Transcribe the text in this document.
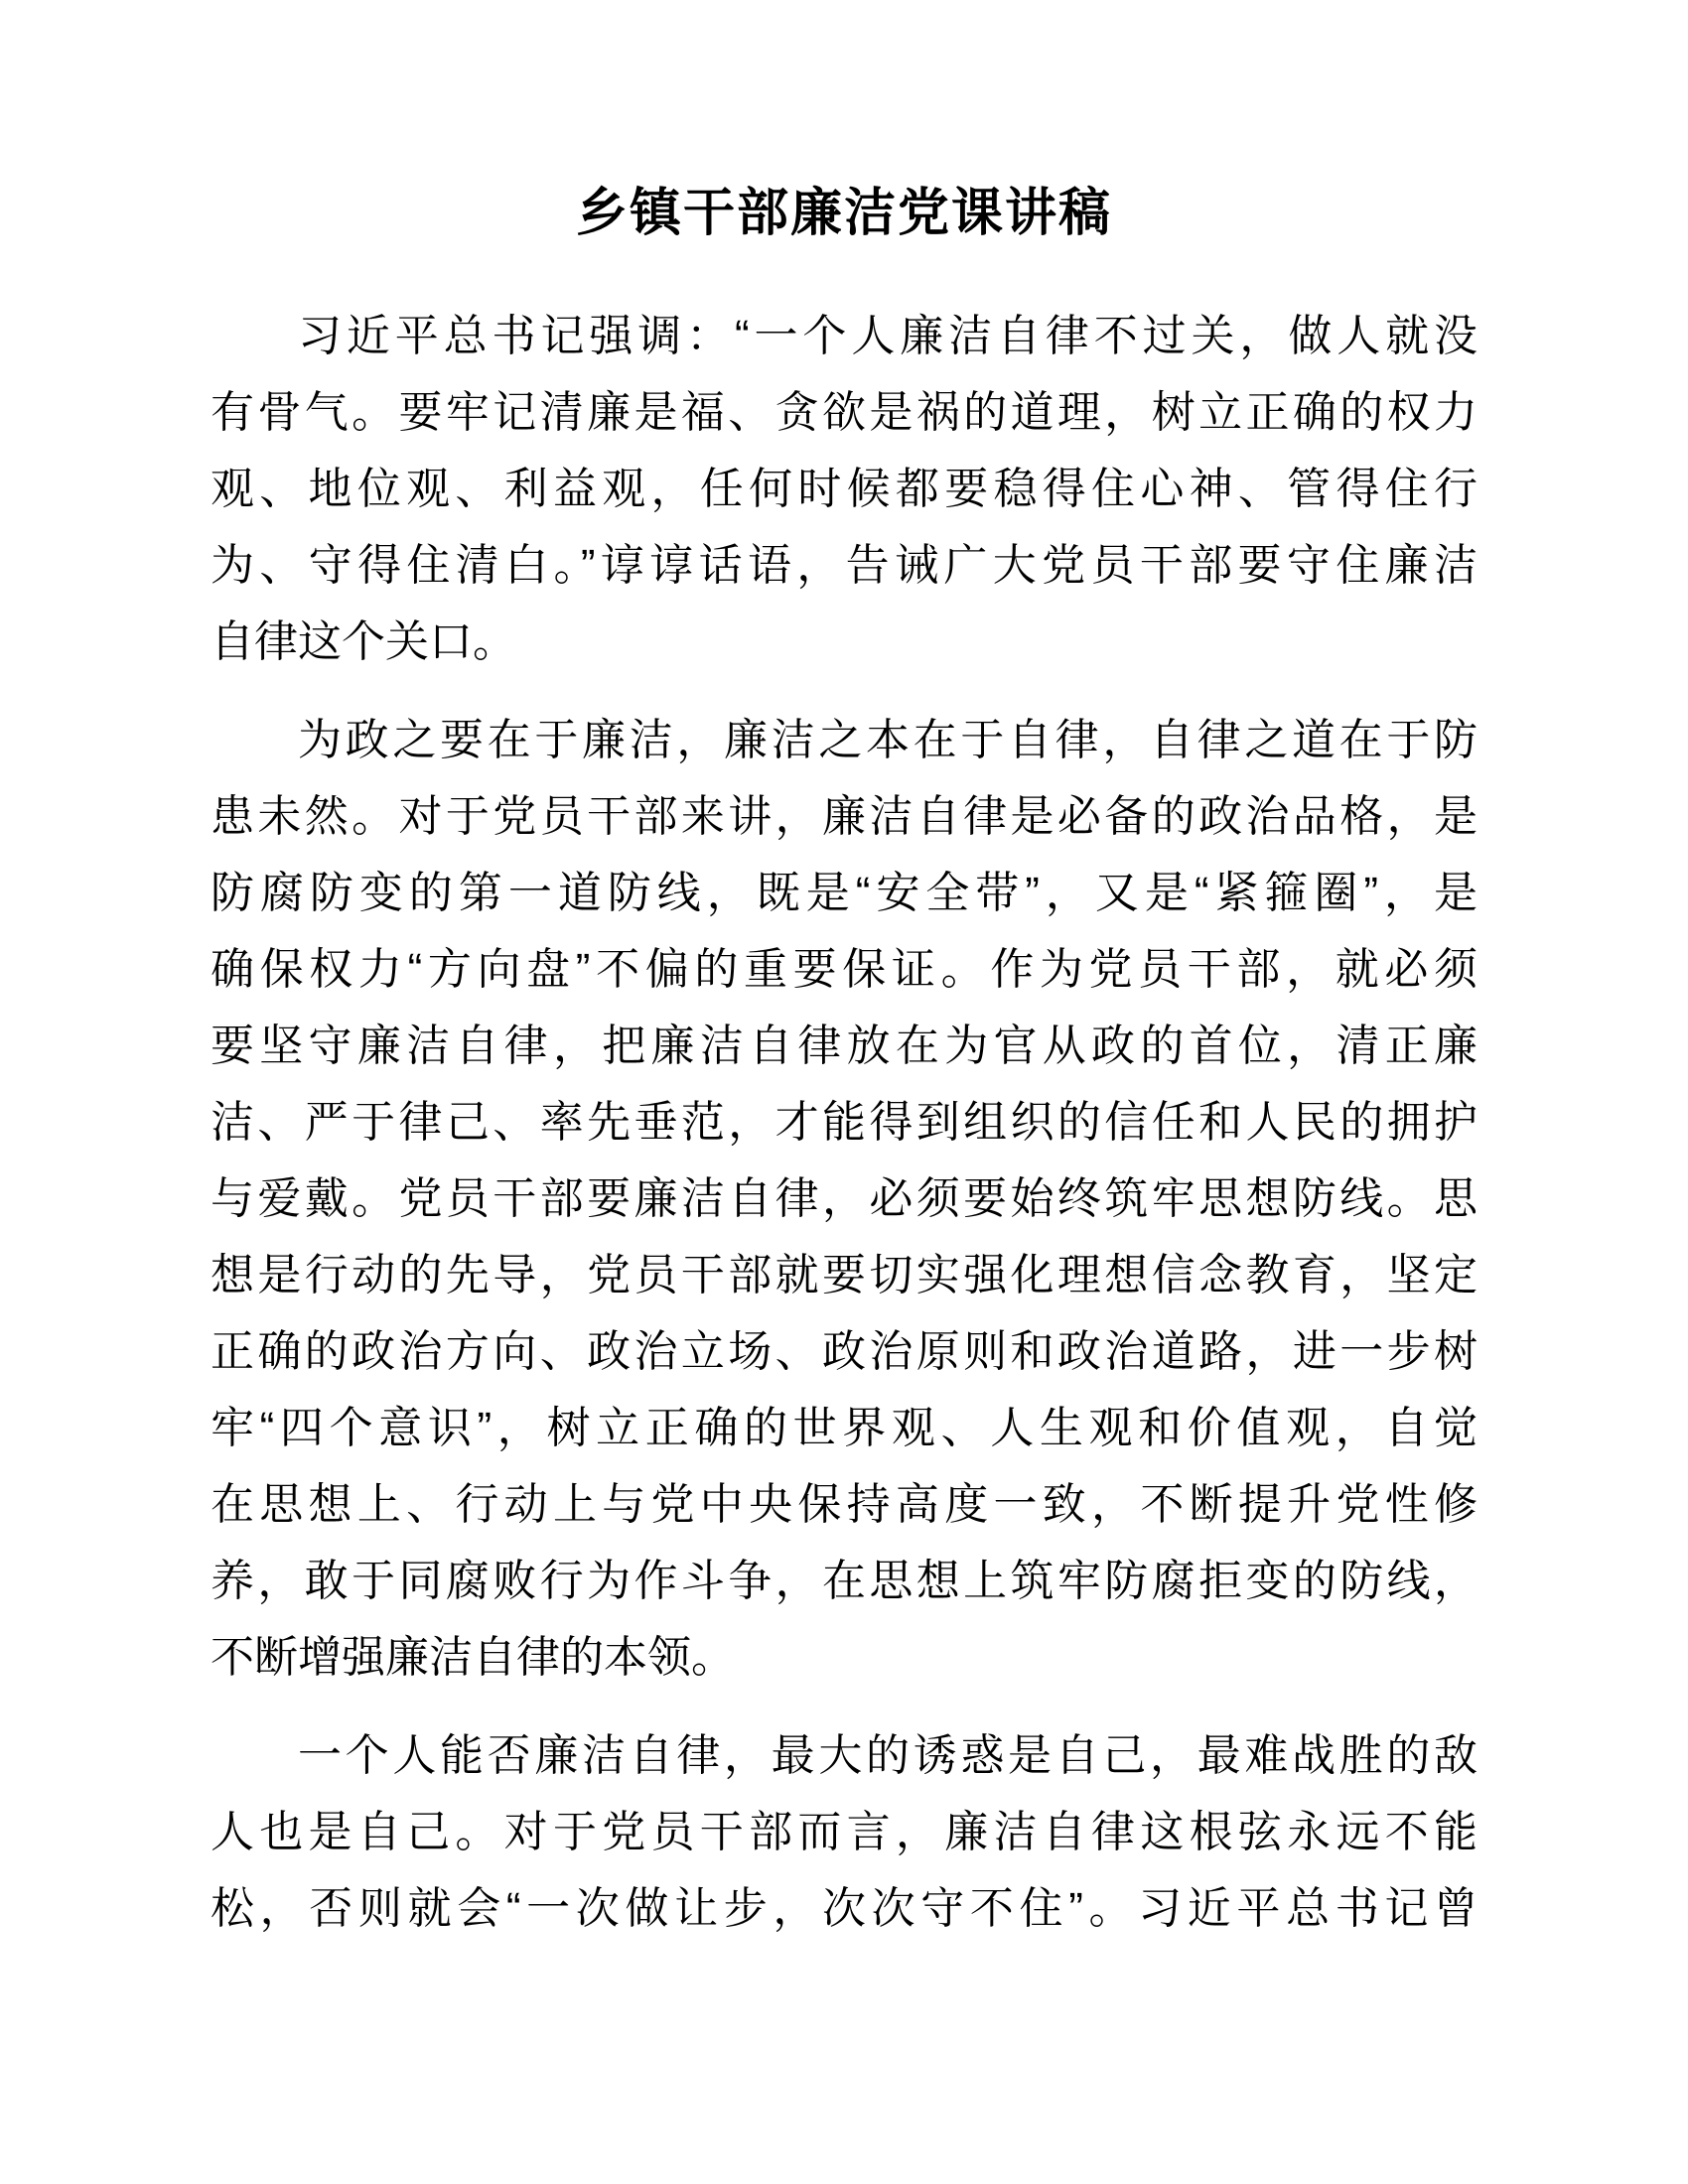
乡镇干部廉洁党课讲稿
习近平总书记强调：“一个人廉洁自律不过关，做人就没
有骨气。要牢记清廉是福、贪欲是祸的道理，树立正确的权力
观、地位观、利益观，任何时候都要稳得住心神、管得住行
为、守得住清白。”谆谆话语，告诫广大党员干部要守住廉洁
自律这个关口。
为政之要在于廉洁，廉洁之本在于自律，自律之道在于防
患未然。对于党员干部来讲，廉洁自律是必备的政治品格，是
防腐防变的第一道防线，既是“安全带”，又是“紧箍圈”，是
确保权力“方向盘”不偏的重要保证。作为党员干部，就必须
要坚守廉洁自律，把廉洁自律放在为官从政的首位，清正廉
洁、严于律己、率先垂范，才能得到组织的信任和人民的拥护
与爱戴。党员干部要廉洁自律，必须要始终筑牢思想防线。思
想是行动的先导，党员干部就要切实强化理想信念教育，坚定
正确的政治方向、政治立场、政治原则和政治道路，进一步树
牢“四个意识”，树立正确的世界观、人生观和价值观，自觉
在思想上、行动上与党中央保持高度一致，不断提升党性修
养，敢于同腐败行为作斗争，在思想上筑牢防腐拒变的防线，
不断增强廉洁自律的本领。
一个人能否廉洁自律，最大的诱惑是自己，最难战胜的敌
人也是自己。对于党员干部而言，廉洁自律这根弦永远不能
松，否则就会“一次做让步，次次守不住”。习近平总书记曾
